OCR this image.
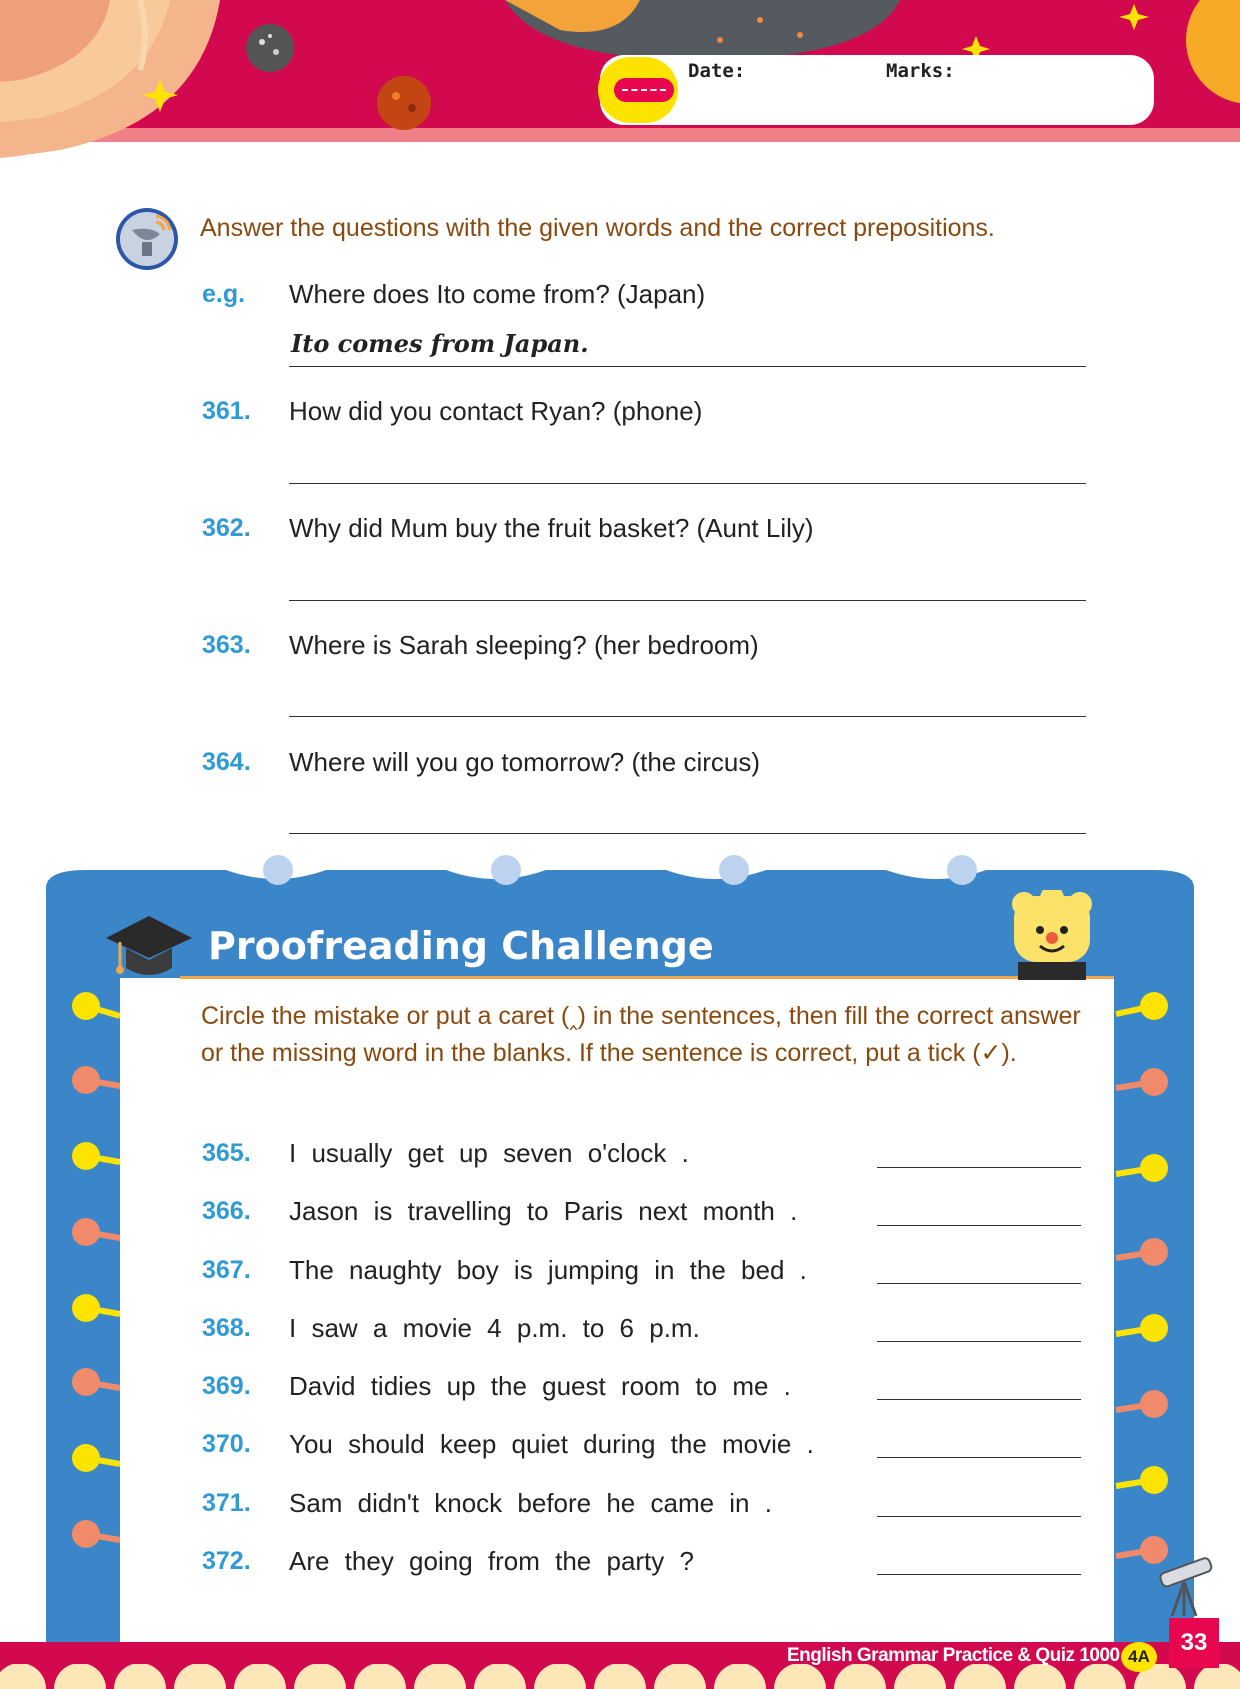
Date:	Marks:
Answer the questions with the given words and the correct prepositions.
e.g. Where does Ito come from? (Japan)
Ito comes from Japan.
361. How did you contact Ryan? (phone)
362. Why did Mum buy the fruit basket? (Aunt Lily)
363. Where is Sarah sleeping? (her bedroom)
364. Where will you go tomorrow? (the circus)
Proofreading Challenge
Circle the mistake or put a caret (‸) in the sentences, then fill the correct answer or the missing word in the blanks. If the sentence is correct, put a tick (✓).
365. I usually get up seven o'clock .
366. Jason is travelling to Paris next month .
367. The naughty boy is jumping in the bed .
368. I saw a movie 4 p.m. to 6 p.m.
369. David tidies up the guest room to me .
370. You should keep quiet during the movie .
371. Sam didn't knock before he came in .
372. Are they going from the party ?
English Grammar Practice & Quiz 1000 4A
33
